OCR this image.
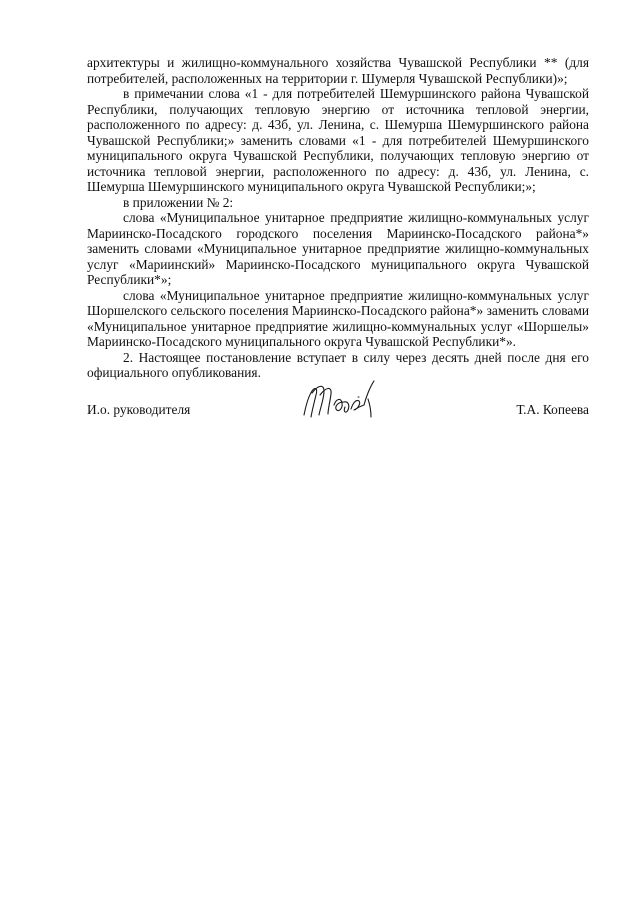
архитектуры и жилищно-коммунального хозяйства Чувашской Республики ** (для потребителей, расположенных на территории г. Шумерля Чувашской Республики)»;

в примечании слова «1 - для потребителей Шемуршинского района Чувашской Республики, получающих тепловую энергию от источника тепловой энергии, расположенного по адресу: д. 43б, ул. Ленина, с. Шемурша Шемуршинского района Чувашской Республики;» заменить словами «1 - для потребителей Шемуршинского муниципального округа Чувашской Республики, получающих тепловую энергию от источника тепловой энергии, расположенного по адресу: д. 43б, ул. Ленина, с. Шемурша Шемуршинского муниципального округа Чувашской Республики;»;

в приложении № 2:

слова «Муниципальное унитарное предприятие жилищно-коммунальных услуг Мариинско-Посадского городского поселения Мариинско-Посадского района*» заменить словами «Муниципальное унитарное предприятие жилищно-коммунальных услуг «Мариинский» Мариинско-Посадского муниципального округа Чувашской Республики*»;

слова «Муниципальное унитарное предприятие жилищно-коммунальных услуг Шоршелского сельского поселения Мариинско-Посадского района*» заменить словами «Муниципальное унитарное предприятие жилищно-коммунальных услуг «Шоршелы» Мариинско-Посадского муниципального округа Чувашской Республики*».

2. Настоящее постановление вступает в силу через десять дней после дня его официального опубликования.

И.о. руководителя	Т.А. Копеева
